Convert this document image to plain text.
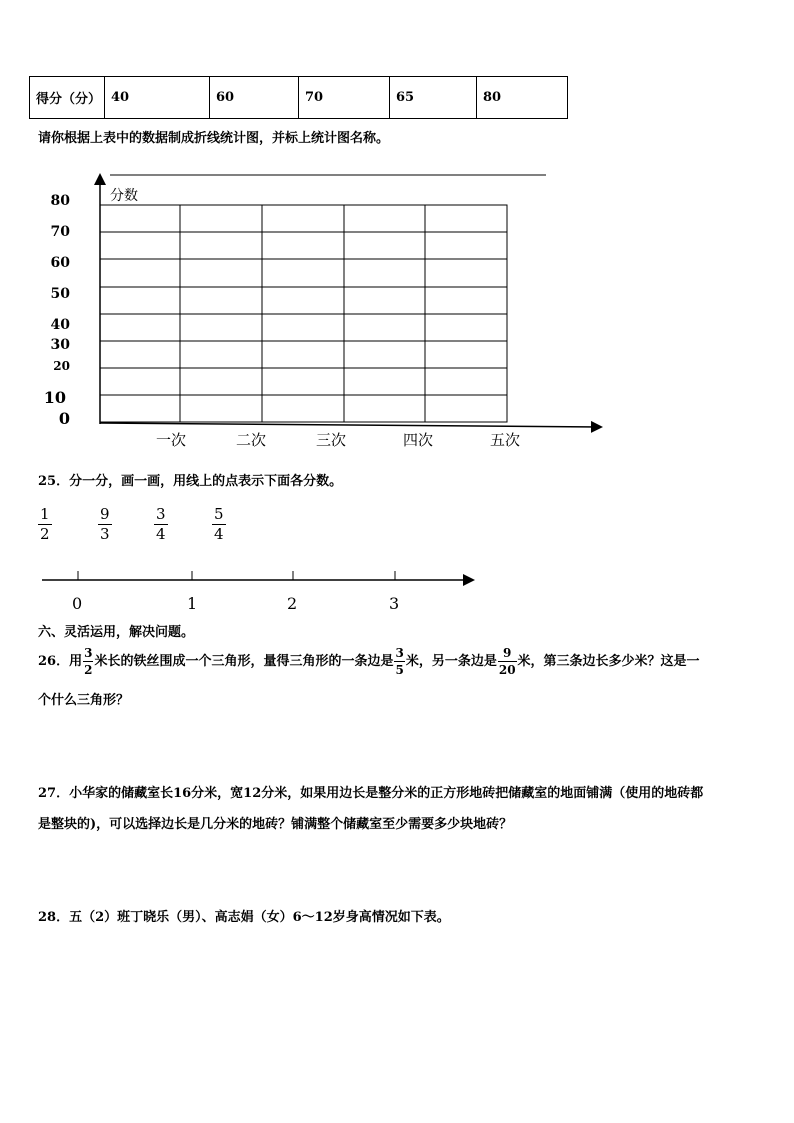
得分（分）	40	60	70	65	80
请你根据上表中的数据制成折线统计图，并标上统计图名称。
分数
80
70
60
50
40
30
20
10
0
一次	二次	三次	四次	五次
25．分一分，画一画，用线上的点表示下面各分数。
$\frac{1}{2}$	$\frac{9}{3}$	$\frac{3}{4}$	$\frac{5}{4}$
0	1	2	3
六、灵活运用，解决问题。
26．用 $\frac{3}{2}$ 米长的铁丝围成一个三角形，量得三角形的一条边是 $\frac{3}{5}$ 米，另一条边是 $\frac{9}{20}$ 米，第三条边长多少米？这是一
个什么三角形？
27．小华家的储藏室长16分米，宽12分米，如果用边长是整分米的正方形地砖把储藏室的地面铺满（使用的地砖都
是整块的)，可以选择边长是几分米的地砖？铺满整个储藏室至少需要多少块地砖？
28．五（2）班丁晓乐（男）、高志娟（女）6～12岁身高情况如下表。
